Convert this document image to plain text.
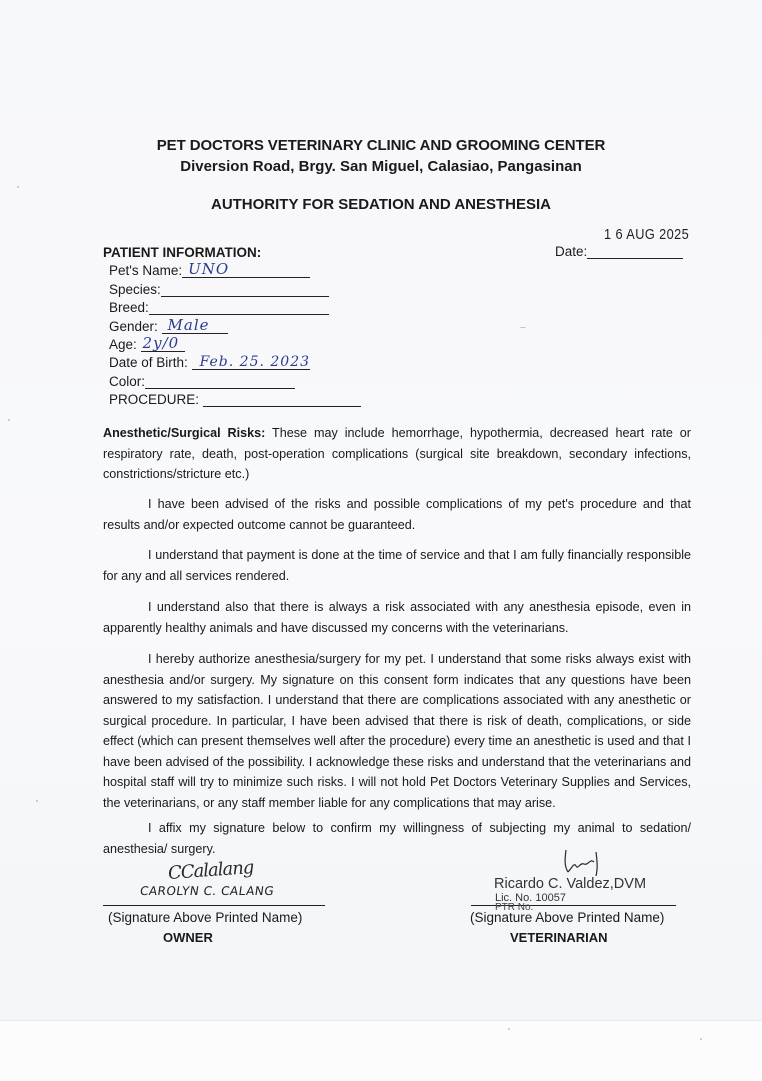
PET DOCTORS VETERINARY CLINIC AND GROOMING CENTER
Diversion Road, Brgy. San Miguel, Calasiao, Pangasinan
AUTHORITY FOR SEDATION AND ANESTHESIA
1 6 AUG 2025
Date:
PATIENT INFORMATION:
Pet's Name: UNO
Species:
Breed:
Gender: Male
Age: 2y/0
Date of Birth: Feb. 25. 2023
Color:
PROCEDURE:
Anesthetic/Surgical Risks: These may include hemorrhage, hypothermia, decreased heart rate or respiratory rate, death, post-operation complications (surgical site breakdown, secondary infections, constrictions/stricture etc.)
I have been advised of the risks and possible complications of my pet's procedure and that results and/or expected outcome cannot be guaranteed.
I understand that payment is done at the time of service and that I am fully financially responsible for any and all services rendered.
I understand also that there is always a risk associated with any anesthesia episode, even in apparently healthy animals and have discussed my concerns with the veterinarians.
I hereby authorize anesthesia/surgery for my pet. I understand that some risks always exist with anesthesia and/or surgery. My signature on this consent form indicates that any questions have been answered to my satisfaction. I understand that there are complications associated with any anesthetic or surgical procedure. In particular, I have been advised that there is risk of death, complications, or side effect (which can present themselves well after the procedure) every time an anesthetic is used and that I have been advised of the possibility. I acknowledge these risks and understand that the veterinarians and hospital staff will try to minimize such risks. I will not hold Pet Doctors Veterinary Supplies and Services, the veterinarians, or any staff member liable for any complications that may arise.
I affix my signature below to confirm my willingness of subjecting my animal to sedation/ anesthesia/ surgery.
CCalalang
CAROLYN C. CALANG
(Signature Above Printed Name)
OWNER
Ricardo C. Valdez,DVM
Lic. No. 10057
PTR No.
(Signature Above Printed Name)
VETERINARIAN
